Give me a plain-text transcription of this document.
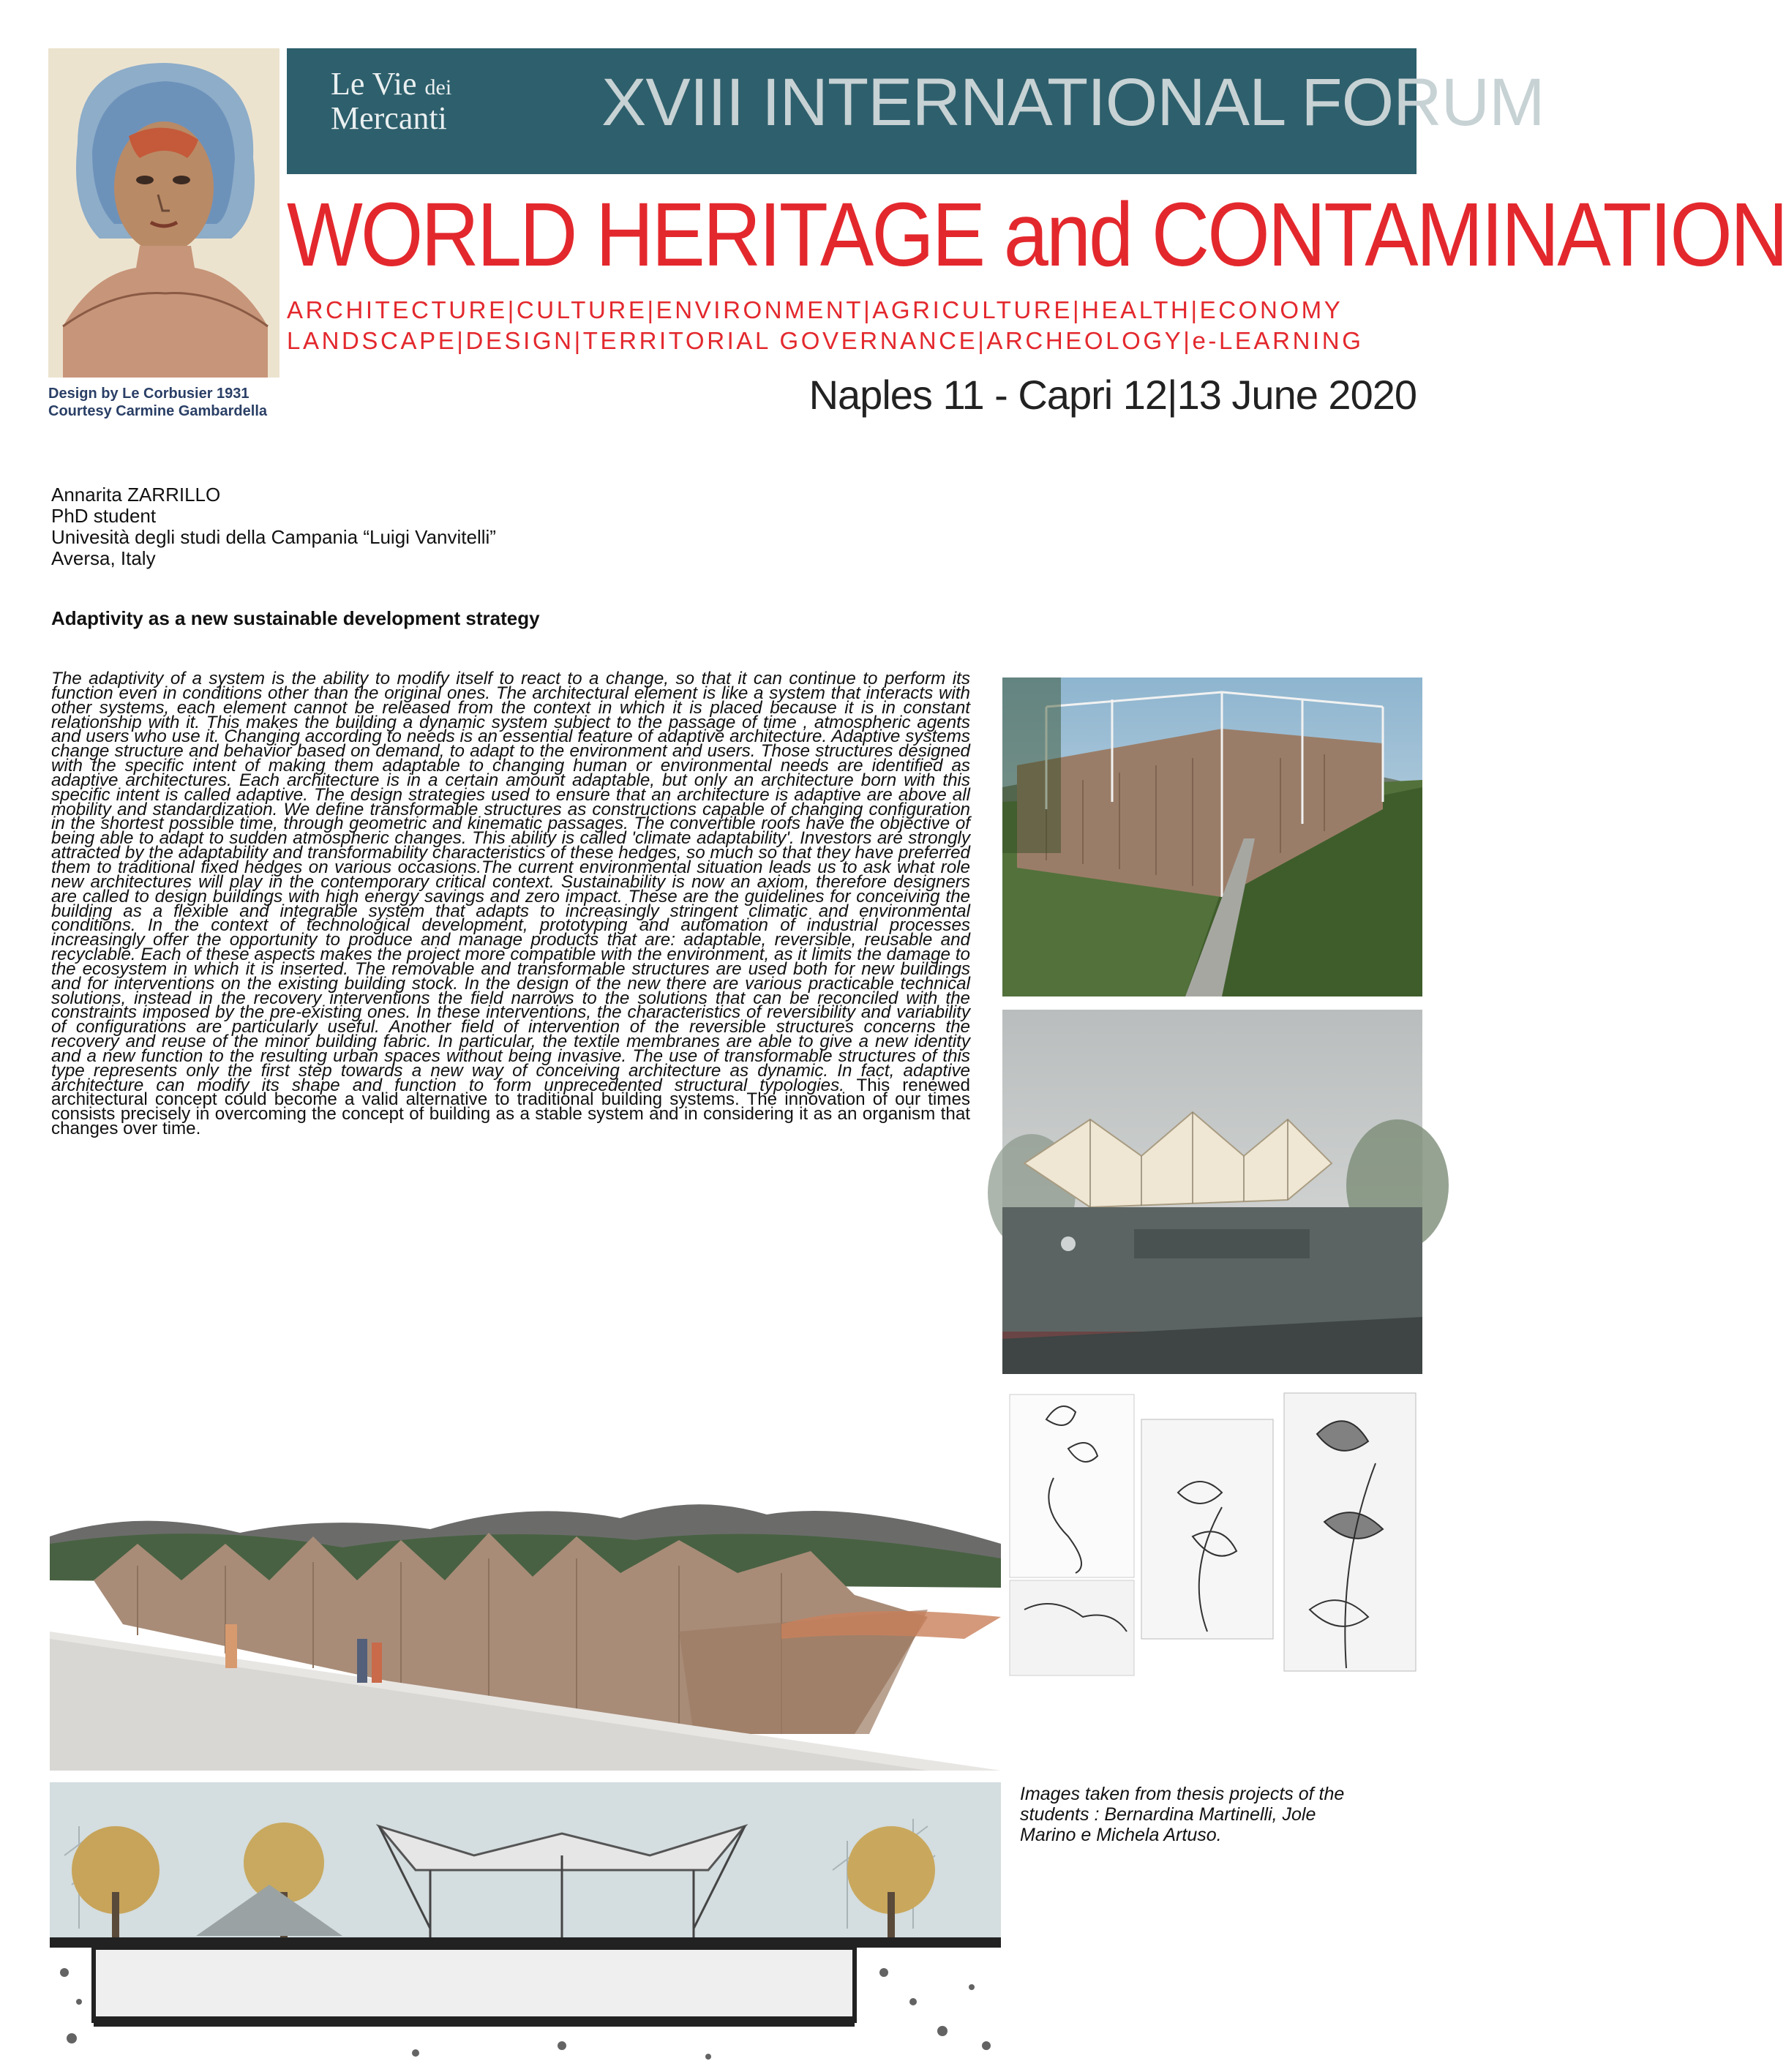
Design by Le Corbusier 1931
Courtesy Carmine Gambardella
Le Vie dei
Mercanti XVIII INTERNATIONAL FORUM
WORLD HERITAGE and CONTAMINATION
ARCHITECTURE|CULTURE|ENVIRONMENT|AGRICULTURE|HEALTH|ECONOMY
LANDSCAPE|DESIGN|TERRITORIAL GOVERNANCE|ARCHEOLOGY|e-LEARNING
Naples 11 - Capri 12|13 June 2020
Annarita ZARRILLO
PhD student
Univesità degli studi della Campania “Luigi Vanvitelli”
Aversa, Italy
Adaptivity as a new sustainable development strategy
The adaptivity of a system is the ability to modify itself to react to a change, so that it can continue to perform its function even in conditions other than the original ones. The architectural element is like a system that interacts with other systems, each element cannot be released from the context in which it is placed because it is in constant relationship with it. This makes the building a dynamic system subject to the passage of time , atmospheric agents and users who use it. Changing according to needs is an essential feature of adaptive architecture. Adaptive systems change structure and behavior based on demand, to adapt to the environment and users. Those structures designed with the specific intent of making them adaptable to changing human or environmental needs are identified as adaptive architectures. Each architecture is in a certain amount adaptable, but only an architecture born with this specific intent is called adaptive. The design strategies used to ensure that an architecture is adaptive are above all mobility and standardization. We define transformable structures as constructions capable of changing configuration in the shortest possible time, through geometric and kinematic passages. The convertible roofs have the objective of being able to adapt to sudden atmospheric changes. This ability is called 'climate adaptability'. Investors are strongly attracted by the adaptability and transformability characteristics of these hedges, so much so that they have preferred them to traditional fixed hedges on various occasions.The current environmental situation leads us to ask what role new architectures will play in the contemporary critical context. Sustainability is now an axiom, therefore designers are called to design buildings with high energy savings and zero impact. These are the guidelines for conceiving the building as a flexible and integrable system that adapts to increasingly stringent climatic and environmental conditions. In the context of technological development, prototyping and automation of industrial processes increasingly offer the opportunity to produce and manage products that are: adaptable, reversible, reusable and recyclable. Each of these aspects makes the project more compatible with the environment, as it limits the damage to the ecosystem in which it is inserted. The removable and transformable structures are used both for new buildings and for interventions on the existing building stock. In the design of the new there are various practicable technical solutions, instead in the recovery interventions the field narrows to the solutions that can be reconciled with the constraints imposed by the pre-existing ones. In these interventions, the characteristics of reversibility and variability of configurations are particularly useful. Another field of intervention of the reversible structures concerns the recovery and reuse of the minor building fabric. In particular, the textile membranes are able to give a new identity and a new function to the resulting urban spaces without being invasive. The use of transformable structures of this type represents only the first step towards a new way of conceiving architecture as dynamic. In fact, adaptive architecture can modify its shape and function to form unprecedented structural typologies. This renewed architectural concept could become a valid alternative to traditional building systems. The innovation of our times consists precisely in overcoming the concept of building as a stable system and in considering it as an organism that changes over time.
Images taken from thesis projects of the students : Bernardina Martinelli, Jole Marino e Michela Artuso.
